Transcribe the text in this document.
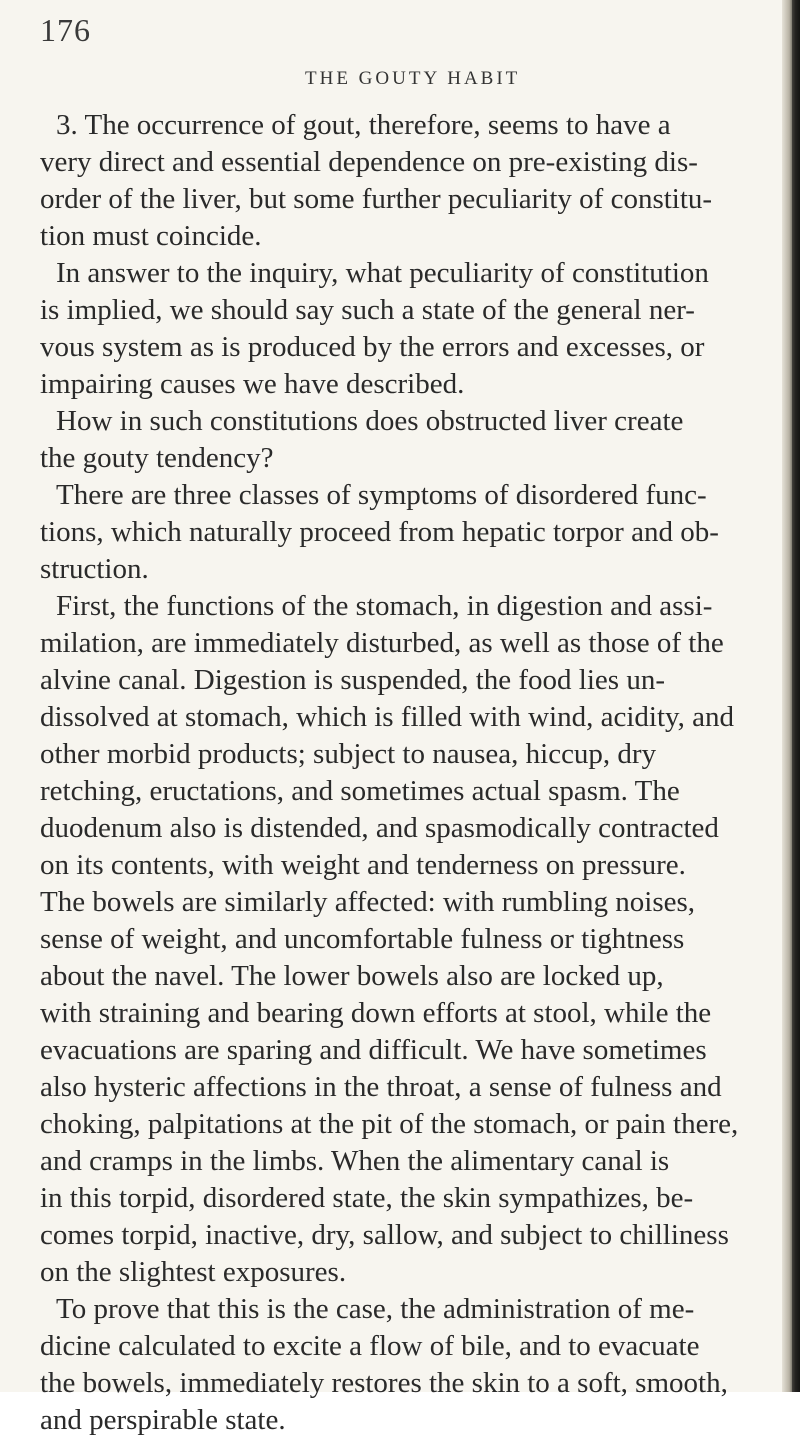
176
THE GOUTY HABIT
3. The occurrence of gout, therefore, seems to have a
very direct and essential dependence on pre-existing dis-
order of the liver, but some further peculiarity of constitu-
tion must coincide.
In answer to the inquiry, what peculiarity of constitution
is implied, we should say such a state of the general ner-
vous system as is produced by the errors and excesses, or
impairing causes we have described.
How in such constitutions does obstructed liver create
the gouty tendency?
There are three classes of symptoms of disordered func-
tions, which naturally proceed from hepatic torpor and ob-
struction.
First, the functions of the stomach, in digestion and assi-
milation, are immediately disturbed, as well as those of the
alvine canal. Digestion is suspended, the food lies un-
dissolved at stomach, which is filled with wind, acidity, and
other morbid products; subject to nausea, hiccup, dry
retching, eructations, and sometimes actual spasm. The
duodenum also is distended, and spasmodically contracted
on its contents, with weight and tenderness on pressure.
The bowels are similarly affected: with rumbling noises,
sense of weight, and uncomfortable fulness or tightness
about the navel. The lower bowels also are locked up,
with straining and bearing down efforts at stool, while the
evacuations are sparing and difficult. We have sometimes
also hysteric affections in the throat, a sense of fulness and
choking, palpitations at the pit of the stomach, or pain there,
and cramps in the limbs. When the alimentary canal is
in this torpid, disordered state, the skin sympathizes, be-
comes torpid, inactive, dry, sallow, and subject to chilliness
on the slightest exposures.
To prove that this is the case, the administration of me-
dicine calculated to excite a flow of bile, and to evacuate
the bowels, immediately restores the skin to a soft, smooth,
and perspirable state.
